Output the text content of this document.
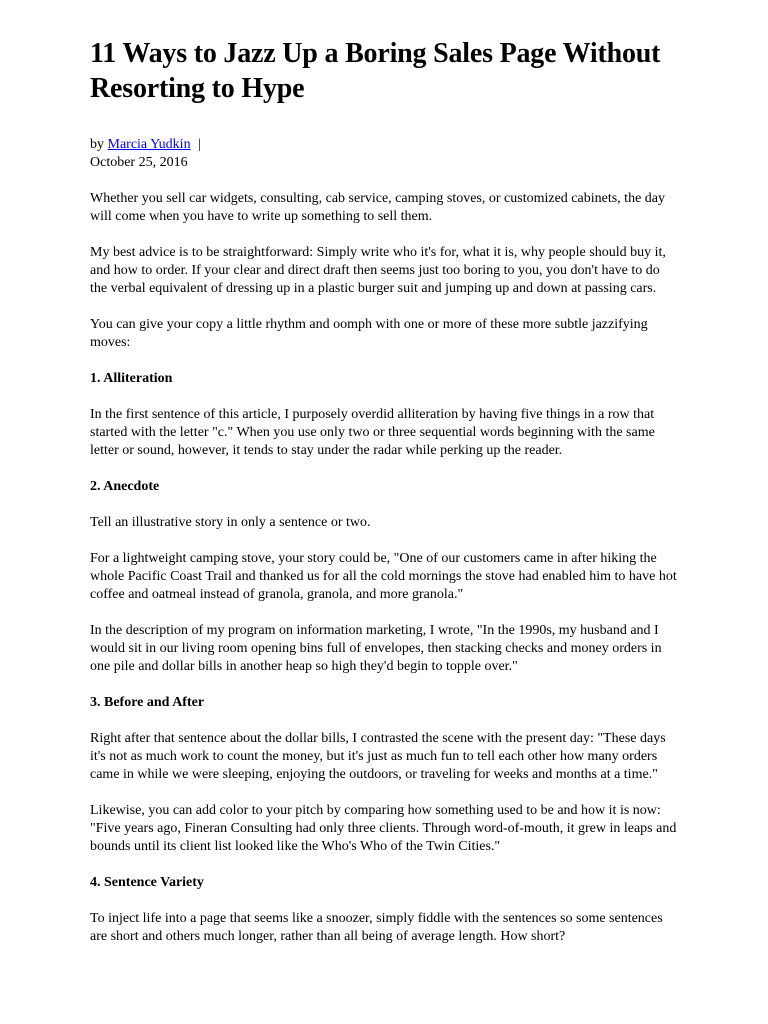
11 Ways to Jazz Up a Boring Sales Page Without Resorting to Hype
by Marcia Yudkin |
October 25, 2016

Whether you sell car widgets, consulting, cab service, camping stoves, or customized cabinets, the day will come when you have to write up something to sell them.

My best advice is to be straightforward: Simply write who it's for, what it is, why people should buy it, and how to order. If your clear and direct draft then seems just too boring to you, you don't have to do the verbal equivalent of dressing up in a plastic burger suit and jumping up and down at passing cars.

You can give your copy a little rhythm and oomph with one or more of these more subtle jazzifying moves:

1. Alliteration

In the first sentence of this article, I purposely overdid alliteration by having five things in a row that started with the letter "c." When you use only two or three sequential words beginning with the same letter or sound, however, it tends to stay under the radar while perking up the reader.

2. Anecdote

Tell an illustrative story in only a sentence or two.

For a lightweight camping stove, your story could be, "One of our customers came in after hiking the whole Pacific Coast Trail and thanked us for all the cold mornings the stove had enabled him to have hot coffee and oatmeal instead of granola, granola, and more granola."

In the description of my program on information marketing, I wrote, "In the 1990s, my husband and I would sit in our living room opening bins full of envelopes, then stacking checks and money orders in one pile and dollar bills in another heap so high they'd begin to topple over."

3. Before and After

Right after that sentence about the dollar bills, I contrasted the scene with the present day: "These days it's not as much work to count the money, but it's just as much fun to tell each other how many orders came in while we were sleeping, enjoying the outdoors, or traveling for weeks and months at a time."

Likewise, you can add color to your pitch by comparing how something used to be and how it is now: "Five years ago, Fineran Consulting had only three clients. Through word-of-mouth, it grew in leaps and bounds until its client list looked like the Who's Who of the Twin Cities."

4. Sentence Variety

To inject life into a page that seems like a snoozer, simply fiddle with the sentences so some sentences are short and others much longer, rather than all being of average length. How short?
